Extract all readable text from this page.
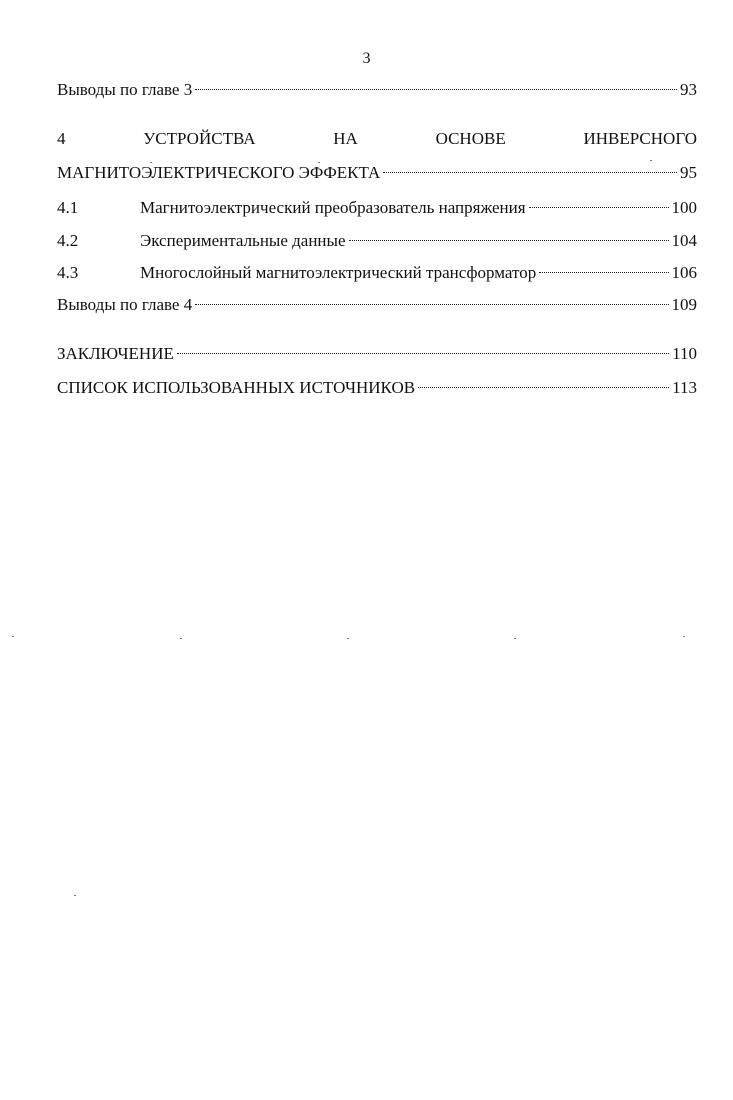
3
Выводы по главе 3	93
4	УСТРОЙСТВА	НА	ОСНОВЕ	ИНВЕРСНОГО
МАГНИТОЭЛЕКТРИЧЕСКОГО ЭФФЕКТА	95
4.1	Магнитоэлектрический преобразователь напряжения	100
4.2	Экспериментальные данные	104
4.3	Многослойный магнитоэлектрический трансформатор	106
Выводы по главе 4	109
ЗАКЛЮЧЕНИЕ	110
СПИСОК ИСПОЛЬЗОВАННЫХ ИСТОЧНИКОВ	113
